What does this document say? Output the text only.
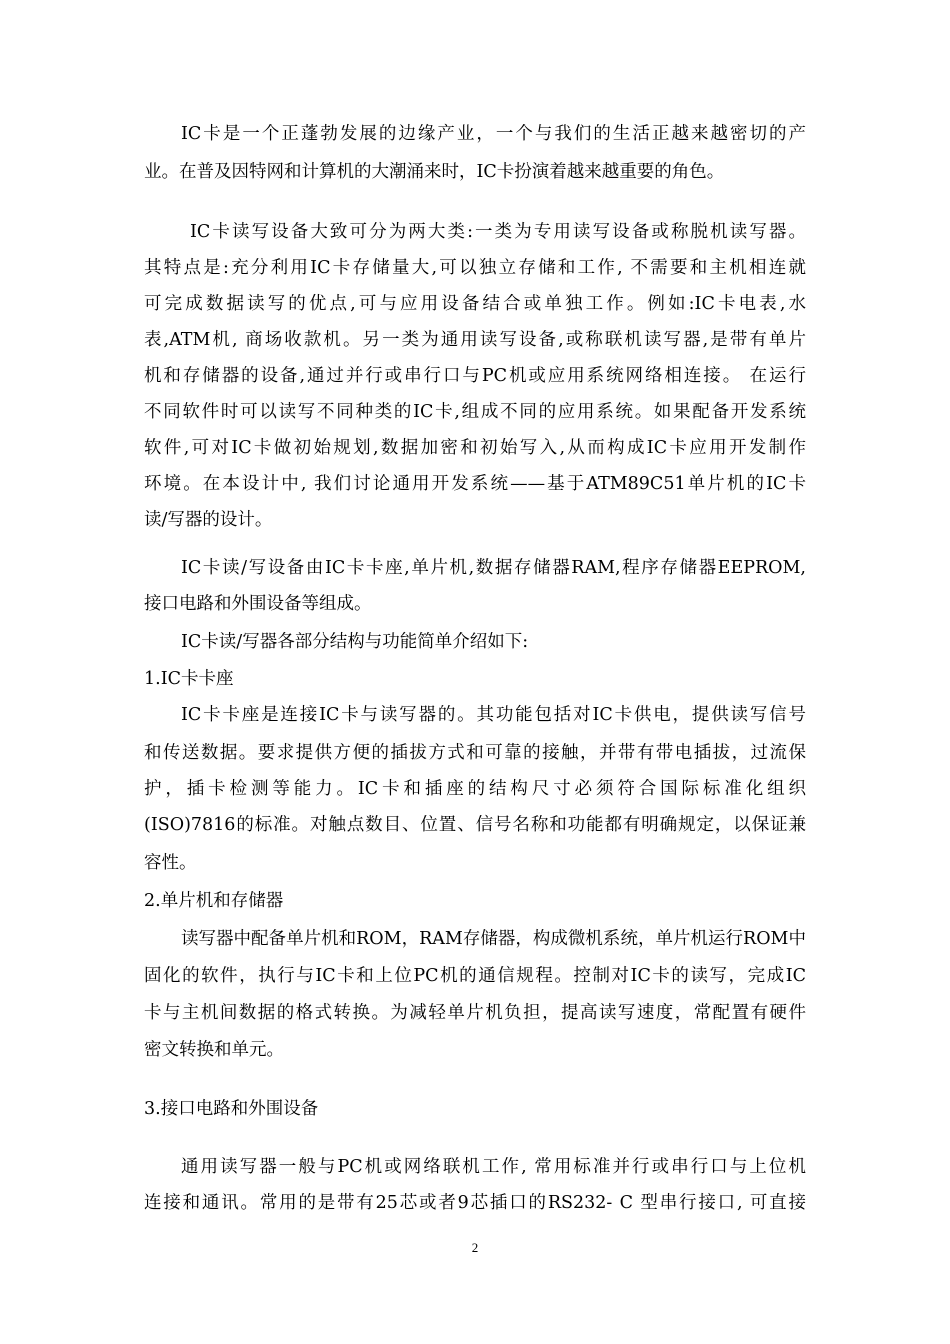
IC卡是一个正蓬勃发展的边缘产业，一个与我们的生活正越来越密切的产

业。在普及因特网和计算机的大潮涌来时，IC卡扮演着越来越重要的角色。

IC卡读写设备大致可分为两大类:一类为专用读写设备或称脱机读写器。

其特点是:充分利用IC卡存储量大,可以独立存储和工作, 不需要和主机相连就

可完成数据读写的优点,可与应用设备结合或单独工作。例如:IC卡电表,水

表,ATM机, 商场收款机。另一类为通用读写设备,或称联机读写器,是带有单片

机和存储器的设备,通过并行或串行口与PC机或应用系统网络相连接。 在运行

不同软件时可以读写不同种类的IC卡,组成不同的应用系统。如果配备开发系统

软件,可对IC卡做初始规划,数据加密和初始写入,从而构成IC卡应用开发制作

环境。在本设计中, 我们讨论通用开发系统——基于ATM89C51单片机的IC卡

读/写器的设计。

IC卡读/写设备由IC卡卡座,单片机,数据存储器RAM,程序存储器EEPROM,

接口电路和外围设备等组成。

IC卡读/写器各部分结构与功能简单介绍如下:

1.IC卡卡座

IC卡卡座是连接IC卡与读写器的。其功能包括对IC卡供电，提供读写信号

和传送数据。要求提供方便的插拔方式和可靠的接触，并带有带电插拔，过流保

护，插卡检测等能力。IC卡和插座的结构尺寸必须符合国际标准化组织

(ISO)7816的标准。对触点数目、位置、信号名称和功能都有明确规定，以保证兼

容性。

2.单片机和存储器

读写器中配备单片机和ROM，RAM存储器，构成微机系统，单片机运行ROM中

固化的软件，执行与IC卡和上位PC机的通信规程。控制对IC卡的读写，完成IC

卡与主机间数据的格式转换。为减轻单片机负担，提高读写速度，常配置有硬件

密文转换和单元。

3.接口电路和外围设备

通用读写器一般与PC机或网络联机工作, 常用标准并行或串行口与上位机

连接和通讯。常用的是带有25芯或者9芯插口的RS232- C 型串行接口, 可直接

2
